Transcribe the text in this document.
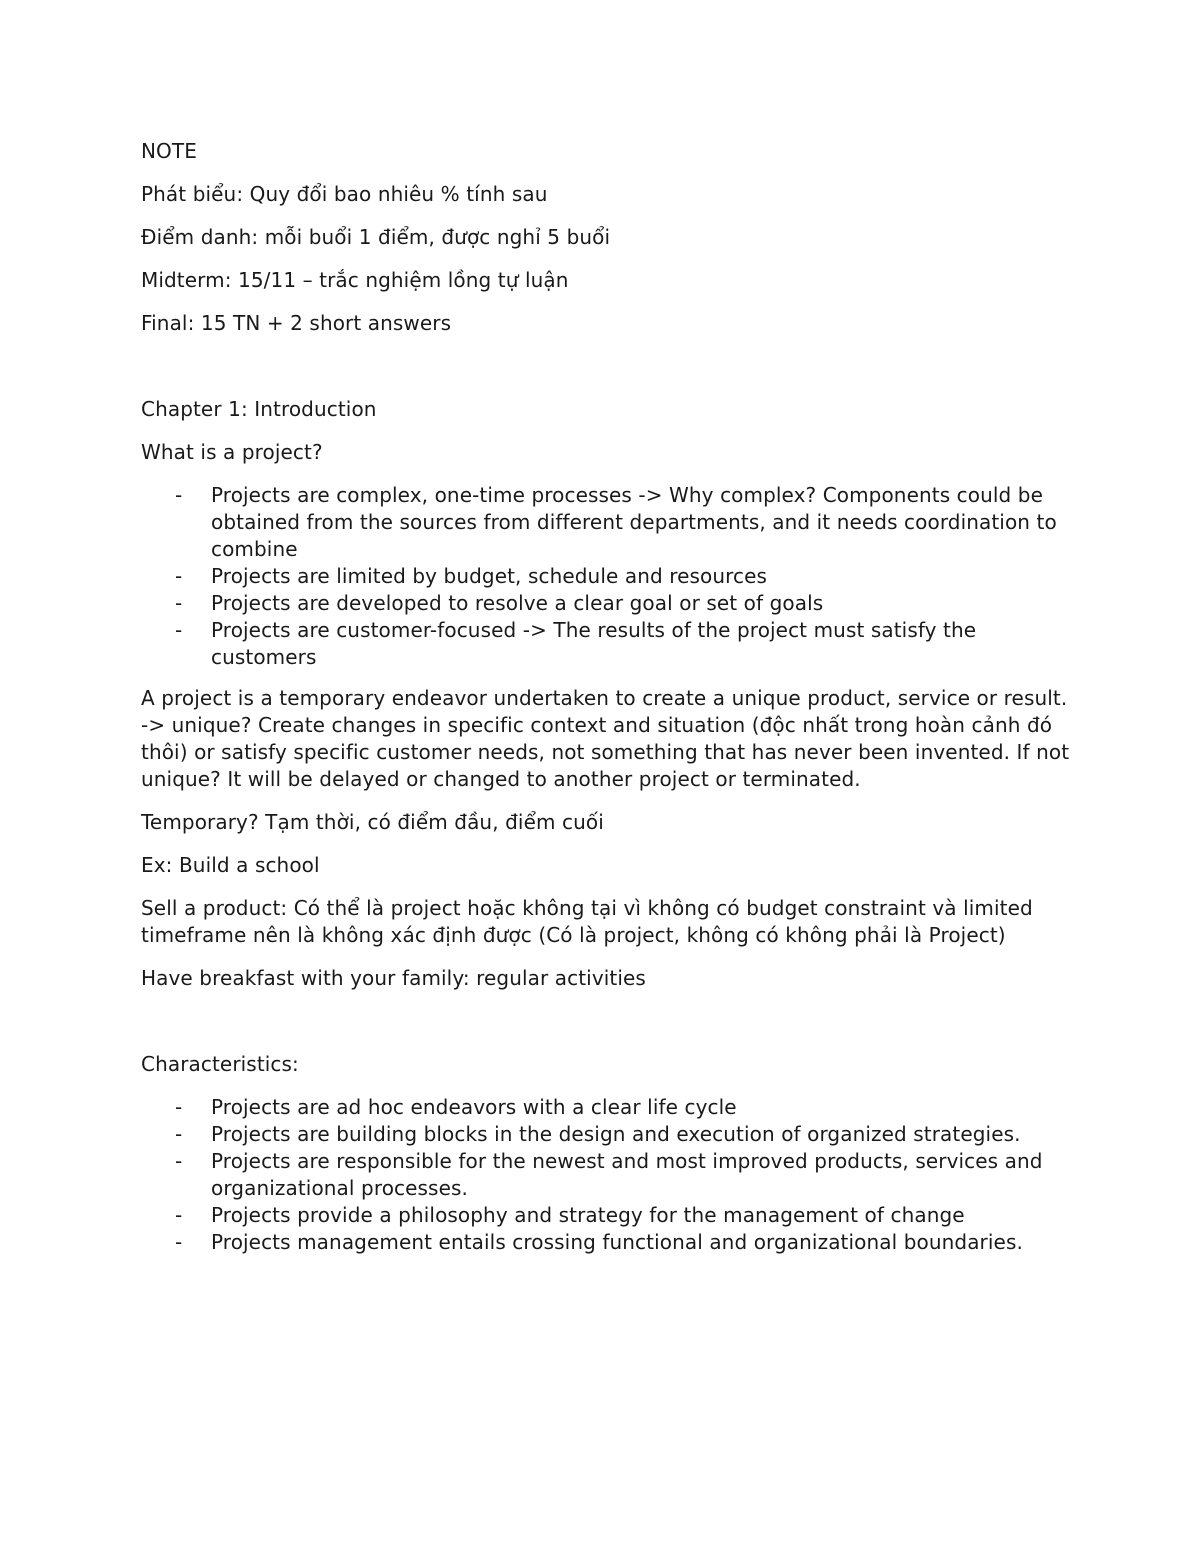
NOTE

Phát biểu: Quy đổi bao nhiêu % tính sau

Điểm danh: mỗi buổi 1 điểm, được nghỉ 5 buổi

Midterm: 15/11 – trắc nghiệm lồng tự luận

Final: 15 TN + 2 short answers

Chapter 1: Introduction

What is a project?

- Projects are complex, one-time processes -> Why complex? Components could be obtained from the sources from different departments, and it needs coordination to combine
- Projects are limited by budget, schedule and resources
- Projects are developed to resolve a clear goal or set of goals
- Projects are customer-focused -> The results of the project must satisfy the customers

A project is a temporary endeavor undertaken to create a unique product, service or result. -> unique? Create changes in specific context and situation (độc nhất trong hoàn cảnh đó thôi) or satisfy specific customer needs, not something that has never been invented. If not unique? It will be delayed or changed to another project or terminated.

Temporary? Tạm thời, có điểm đầu, điểm cuối

Ex: Build a school

Sell a product: Có thể là project hoặc không tại vì không có budget constraint và limited timeframe nên là không xác định được (Có là project, không có không phải là Project)

Have breakfast with your family: regular activities

Characteristics:

- Projects are ad hoc endeavors with a clear life cycle
- Projects are building blocks in the design and execution of organized strategies.
- Projects are responsible for the newest and most improved products, services and organizational processes.
- Projects provide a philosophy and strategy for the management of change
- Projects management entails crossing functional and organizational boundaries.
